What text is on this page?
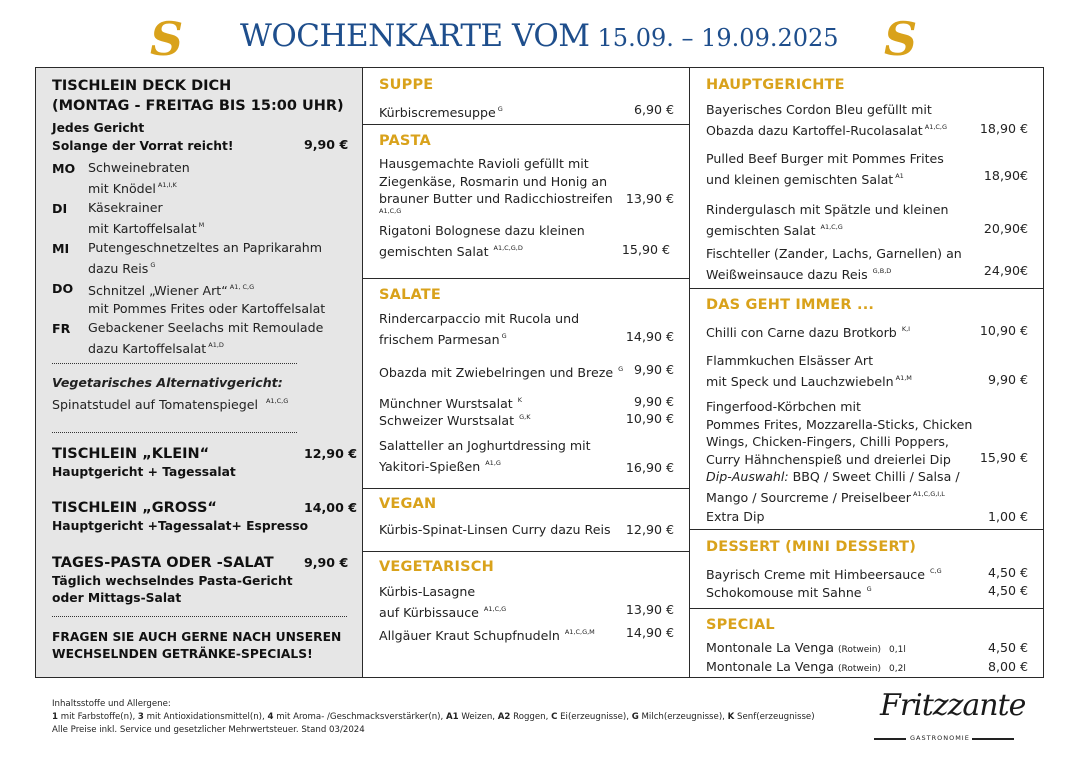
S WOCHENKARTE VOM 15.09. – 19.09.2025 S
TISCHLEIN DECK DICH
(MONTAG - FREITAG BIS 15:00 UHR)
Jedes Gericht
Solange der Vorrat reicht!	9,90 €
MO Schweinebraten
mit Knödel $^{A1,I,K}$
DI Käsekrainer
mit Kartoffelsalat $^M$
MI Putengeschnetzeltes an Paprikarahm
dazu Reis $^G$
DO Schnitzel „Wiener Art“ $^{A1, C,G}$
mit Pommes Frites oder Kartoffelsalat
FR Gebackener Seelachs mit Remoulade
dazu Kartoffelsalat $^{A1,D}$
Vegetarisches Alternativgericht:
Spinatstudel auf Tomatenspiegel $^{A1,C,G}$
TISCHLEIN „KLEIN“
Hauptgericht + Tagessalat
12,90 €
TISCHLEIN „GROSS“
Hauptgericht +Tagessalat+ Espresso
14,00 €
TAGES-PASTA ODER -SALAT
Täglich wechselndes Pasta-Gericht
oder Mittags-Salat
9,90 €
FRAGEN SIE AUCH GERNE NACH UNSEREN
WECHSELNDEN GETRÄNKE-SPECIALS!
SUPPE
Kürbiscremesuppe $^G$	6,90 €
PASTA
Hausgemachte Ravioli gefüllt mit
Ziegenkäse, Rosmarin und Honig an
brauner Butter und Radicchiostreifen
A1,C,G
13,90 €
Rigatoni Bolognese dazu kleinen
gemischten Salat $^{A1,C,G,D}$	15,90 €
SALATE
Rindercarpaccio mit Rucola und
frischem Parmesan $^G$	14,90 €
Obazda mit Zwiebelringen und Breze $^G$ 9,90 €
Münchner Wurstsalat $^K$	9,90 €
Schweizer Wurstsalat $^{G,K}$	10,90 €
Salatteller an Joghurtdressing mit
Yakitori-Spießen $^{A1,G}$	16,90 €
VEGAN
Kürbis-Spinat-Linsen Curry dazu Reis 12,90 €
VEGETARISCH
Kürbis-Lasagne
auf Kürbissauce $^{A1,C,G}$	13,90 €
Allgäuer Kraut Schupfnudeln $^{A1,C,G,M}$ 14,90 €
HAUPTGERICHTE
Bayerisches Cordon Bleu gefüllt mit
Obazda dazu Kartoffel-Rucolasalat $^{A1,C,G}$	18,90 €
Pulled Beef Burger mit Pommes Frites
und kleinen gemischten Salat $^{A1}$	18,90€
Rindergulasch mit Spätzle und kleinen
gemischten Salat $^{A1,C,G}$	20,90€
Fischteller (Zander, Lachs, Garnellen) an
Weißweinsauce dazu Reis $^{G,B,D}$	24,90€
DAS GEHT IMMER ...
Chilli con Carne dazu Brotkorb $^{K,I}$	10,90 €
Flammkuchen Elsässer Art
mit Speck und Lauchzwiebeln $^{A1,M}$	9,90 €
Fingerfood-Körbchen mit
Pommes Frites, Mozzarella-Sticks, Chicken
Wings, Chicken-Fingers, Chilli Poppers,
Curry Hähnchenspieß und dreierlei Dip
Dip-Auswahl: BBQ / Sweet Chilli / Salsa /
Mango / Sourcreme / Preiselbeer $^{A1,C,G,I,L}$
15,90 €
Extra Dip	1,00 €
DESSERT (MINI DESSERT)
Bayrisch Creme mit Himbeersauce $^{C,G}$	4,50 €
Schokomouse mit Sahne $^G$	4,50 €
SPECIAL
Montonale La Venga (Rotwein) 0,1l	4,50 €
Montonale La Venga (Rotwein) 0,2l	8,00 €
Inhaltsstoffe und Allergene:
1 mit Farbstoffe(n), 3 mit Antioxidationsmittel(n), 4 mit Aroma- /Geschmacksverstärker(n), A1 Weizen, A2 Roggen, C Ei(erzeugnisse), G Milch(erzeugnisse), K Senf(erzeugnisse)
Alle Preise inkl. Service und gesetzlicher Mehrwertsteuer. Stand 03/2024
Fritzzante
GASTRONOMIE
